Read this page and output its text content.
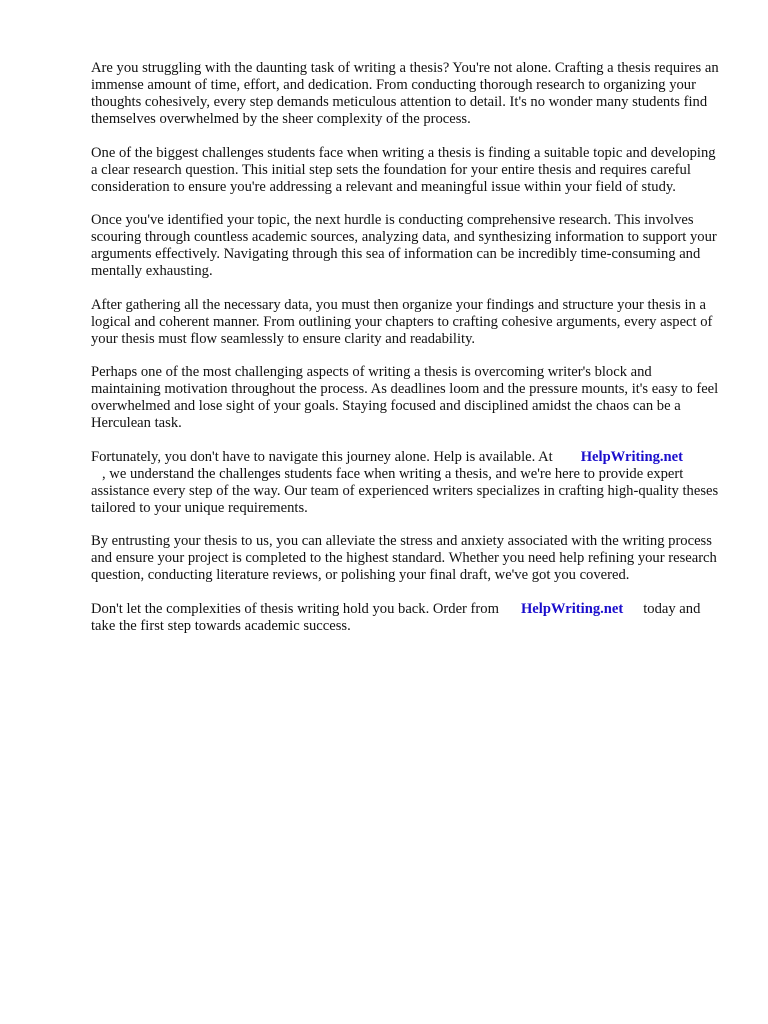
Are you struggling with the daunting task of writing a thesis? You're not alone. Crafting a thesis requires an immense amount of time, effort, and dedication. From conducting thorough research to organizing your thoughts cohesively, every step demands meticulous attention to detail. It's no wonder many students find themselves overwhelmed by the sheer complexity of the process.

One of the biggest challenges students face when writing a thesis is finding a suitable topic and developing a clear research question. This initial step sets the foundation for your entire thesis and requires careful consideration to ensure you're addressing a relevant and meaningful issue within your field of study.

Once you've identified your topic, the next hurdle is conducting comprehensive research. This involves scouring through countless academic sources, analyzing data, and synthesizing information to support your arguments effectively. Navigating through this sea of information can be incredibly time-consuming and mentally exhausting.

After gathering all the necessary data, you must then organize your findings and structure your thesis in a logical and coherent manner. From outlining your chapters to crafting cohesive arguments, every aspect of your thesis must flow seamlessly to ensure clarity and readability.

Perhaps one of the most challenging aspects of writing a thesis is overcoming writer's block and maintaining motivation throughout the process. As deadlines loom and the pressure mounts, it's easy to feel overwhelmed and lose sight of your goals. Staying focused and disciplined amidst the chaos can be a Herculean task.

Fortunately, you don't have to navigate this journey alone. Help is available. At HelpWriting.net
, we understand the challenges students face when writing a thesis, and we're here to provide expert assistance every step of the way. Our team of experienced writers specializes in crafting high-quality theses tailored to your unique requirements.

By entrusting your thesis to us, you can alleviate the stress and anxiety associated with the writing process and ensure your project is completed to the highest standard. Whether you need help refining your research question, conducting literature reviews, or polishing your final draft, we've got you covered.

Don't let the complexities of thesis writing hold you back. Order from HelpWriting.net today and take the first step towards academic success.
